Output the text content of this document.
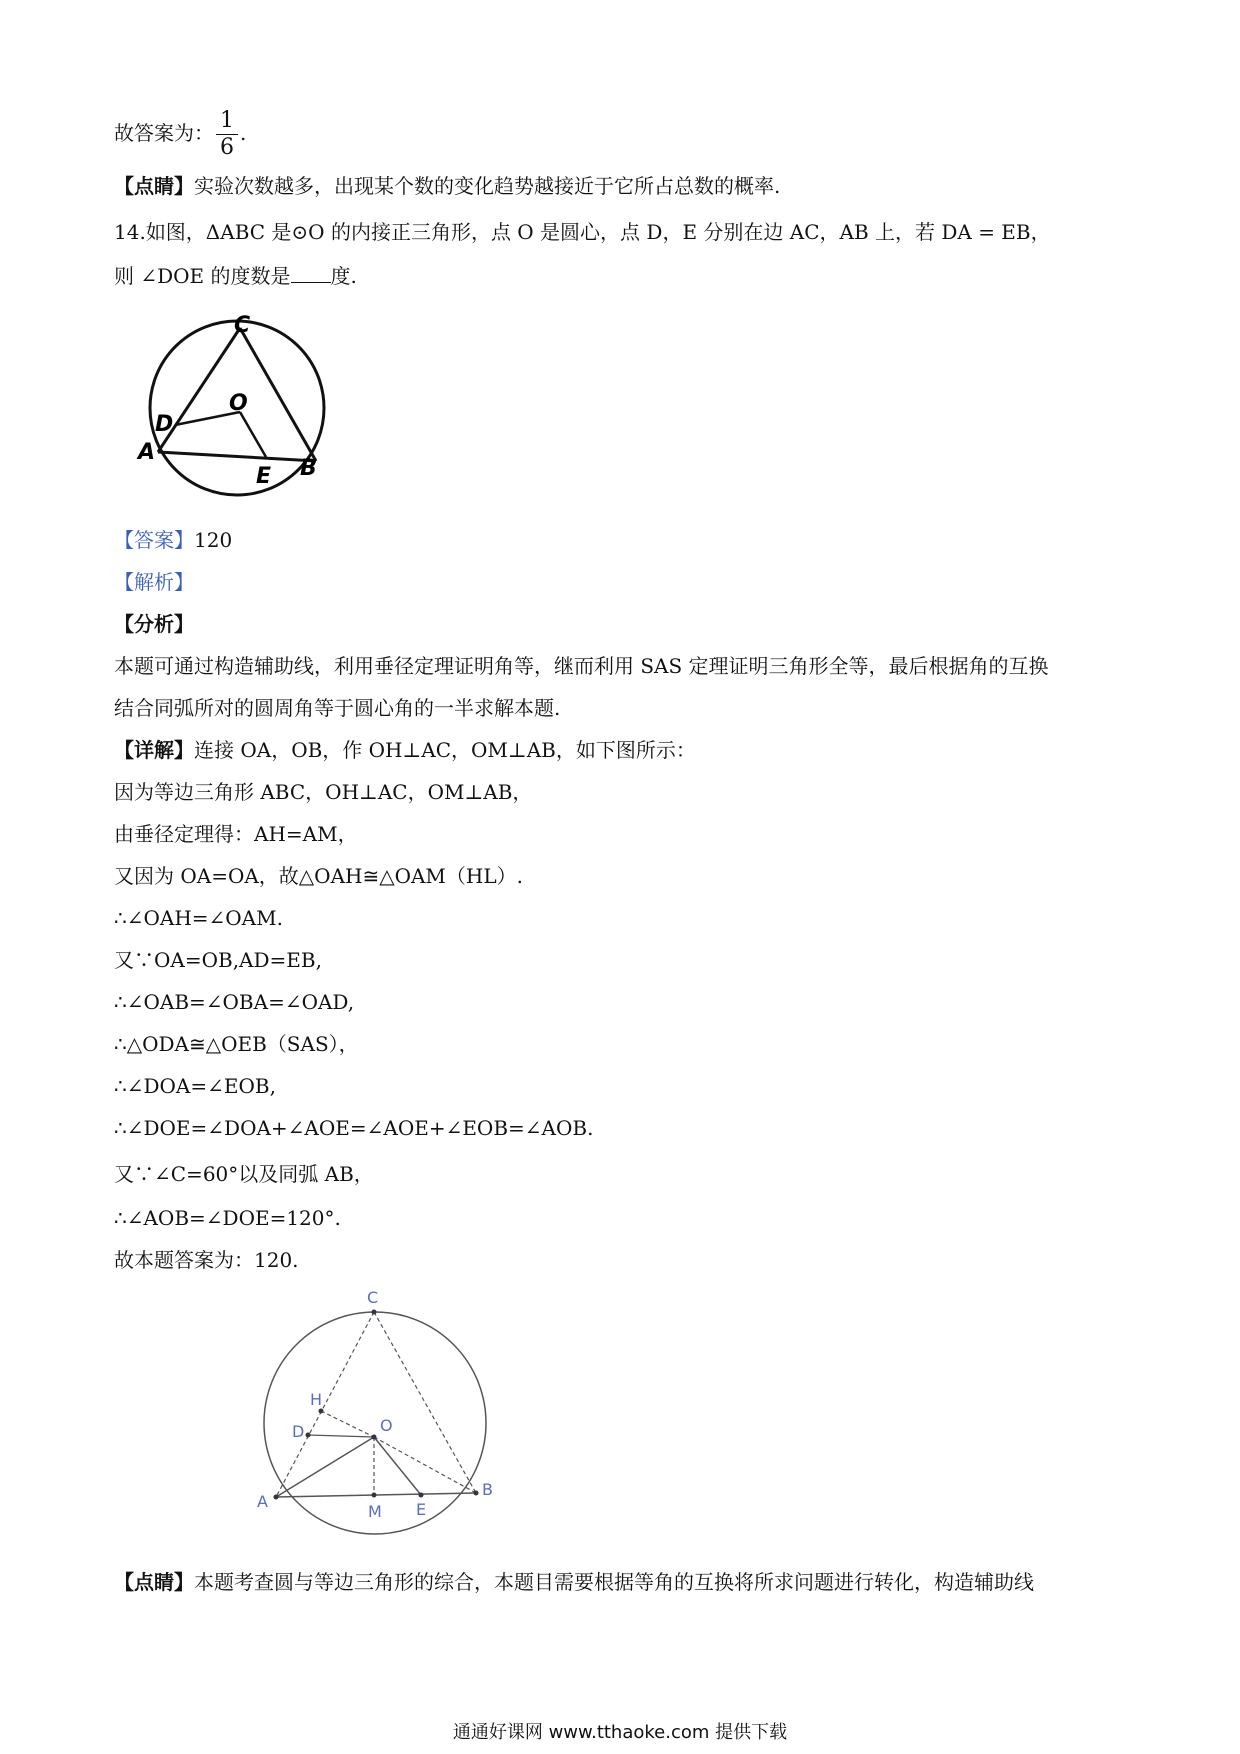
故答案为： $\frac{1}{6}$ .
【点睛】实验次数越多，出现某个数的变化趋势越接近于它所占总数的概率.
14.如图，ΔABC 是⊙O 的内接正三角形，点 O 是圆心，点 D，E 分别在边 AC，AB 上，若 DA = EB，
则 ∠DOE 的度数是 度.
C
O
D
A
E B
【答案】120
【解析】
【分析】
本题可通过构造辅助线，利用垂径定理证明角等，继而利用 SAS 定理证明三角形全等，最后根据角的互换
结合同弧所对的圆周角等于圆心角的一半求解本题.
【详解】连接 OA，OB，作 OH⊥AC，OM⊥AB，如下图所示：
因为等边三角形 ABC，OH⊥AC，OM⊥AB，
由垂径定理得：AH=AM，
又因为 OA=OA，故△OAH≅△OAM（HL）.
∴∠OAH=∠OAM.
又∵OA=OB,AD=EB,
∴∠OAB=∠OBA=∠OAD,
∴△ODA≅△OEB（SAS），
∴∠DOA=∠EOB,
∴∠DOE=∠DOA+∠AOE=∠AOE+∠EOB=∠AOB.
又∵∠C=60°以及同弧 AB，
∴∠AOB=∠DOE=120°.
故本题答案为：120.
C
H
O
D
A
M E
B
【点睛】本题考查圆与等边三角形的综合，本题目需要根据等角的互换将所求问题进行转化，构造辅助线
通通好课网 www.tthaoke.com 提供下载
